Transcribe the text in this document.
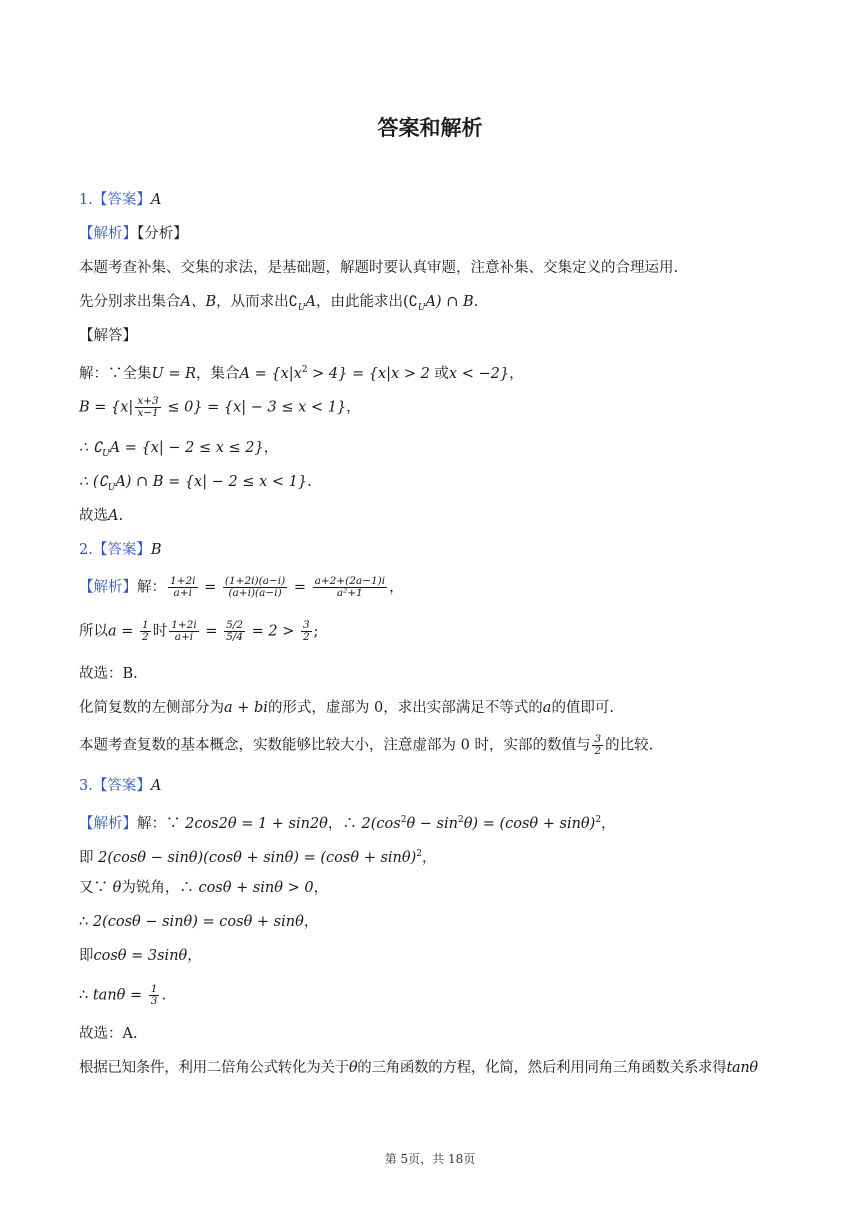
答案和解析
1.【答案】A
【解析】【分析】
本题考查补集、交集的求法，是基础题，解题时要认真审题，注意补集、交集定义的合理运用.
先分别求出集合A、B，从而求出$∁_UA$，由此能求出$(∁_UA)$ ∩ B.
【解答】
解：∵全集U = R，集合$A = \{x|x^2 > 4\} = \{x|x > 2$ 或x < −2}，
$B = \{x| \frac{x+3}{x-1} \le 0\} = \{x| - 3 \le x < 1\}$，
∴ $∁_UA = \{x| - 2 \le x \le 2\}$，
∴ $(∁_UA)$ ∩ B = {x| − 2 ≤ x < 1}.
故选A.
2.【答案】B
【解析】解： $\frac{1+2i}{a+i} = \frac{(1+2i)(a-i)}{(a+i)(a-i)} = \frac{a+2+(2a-1)i}{\text{a²+1}}$ ，
所以$a = \frac{1}{2}$ 时 $\frac{1+2i}{a+i} = \frac{5/2}{5/4} = 2 > \frac{3}{2}$ ;
故选：B.
化简复数的左侧部分为a + bi的形式，虚部为 0，求出实部满足不等式的a的值即可.
本题考查复数的基本概念，实数能够比较大小，注意虚部为 0 时，实部的数值与 $\frac{3}{2}$ 的比较.
3.【答案】A
【解析】解：∵ 2cos2θ = 1 + sin2θ，∴ $2(\cos^2\theta - \sin^2\theta) = (\cos\theta + \sin\theta)^2$，
即 $2(\cos\theta - \sin\theta)(\cos\theta + \sin\theta) = (\cos\theta + \sin\theta)^2$，
又∵ θ为锐角，∴ cosθ + sinθ > 0，
∴ 2(cosθ − sinθ) = cosθ + sinθ，
即cosθ = 3sinθ，
∴ $\tan\theta = \frac{1}{3}$ .
故选：A.
根据已知条件，利用二倍角公式转化为关于θ的三角函数的方程，化简，然后利用同角三角函数关系求得tanθ
第 5页，共 18页
